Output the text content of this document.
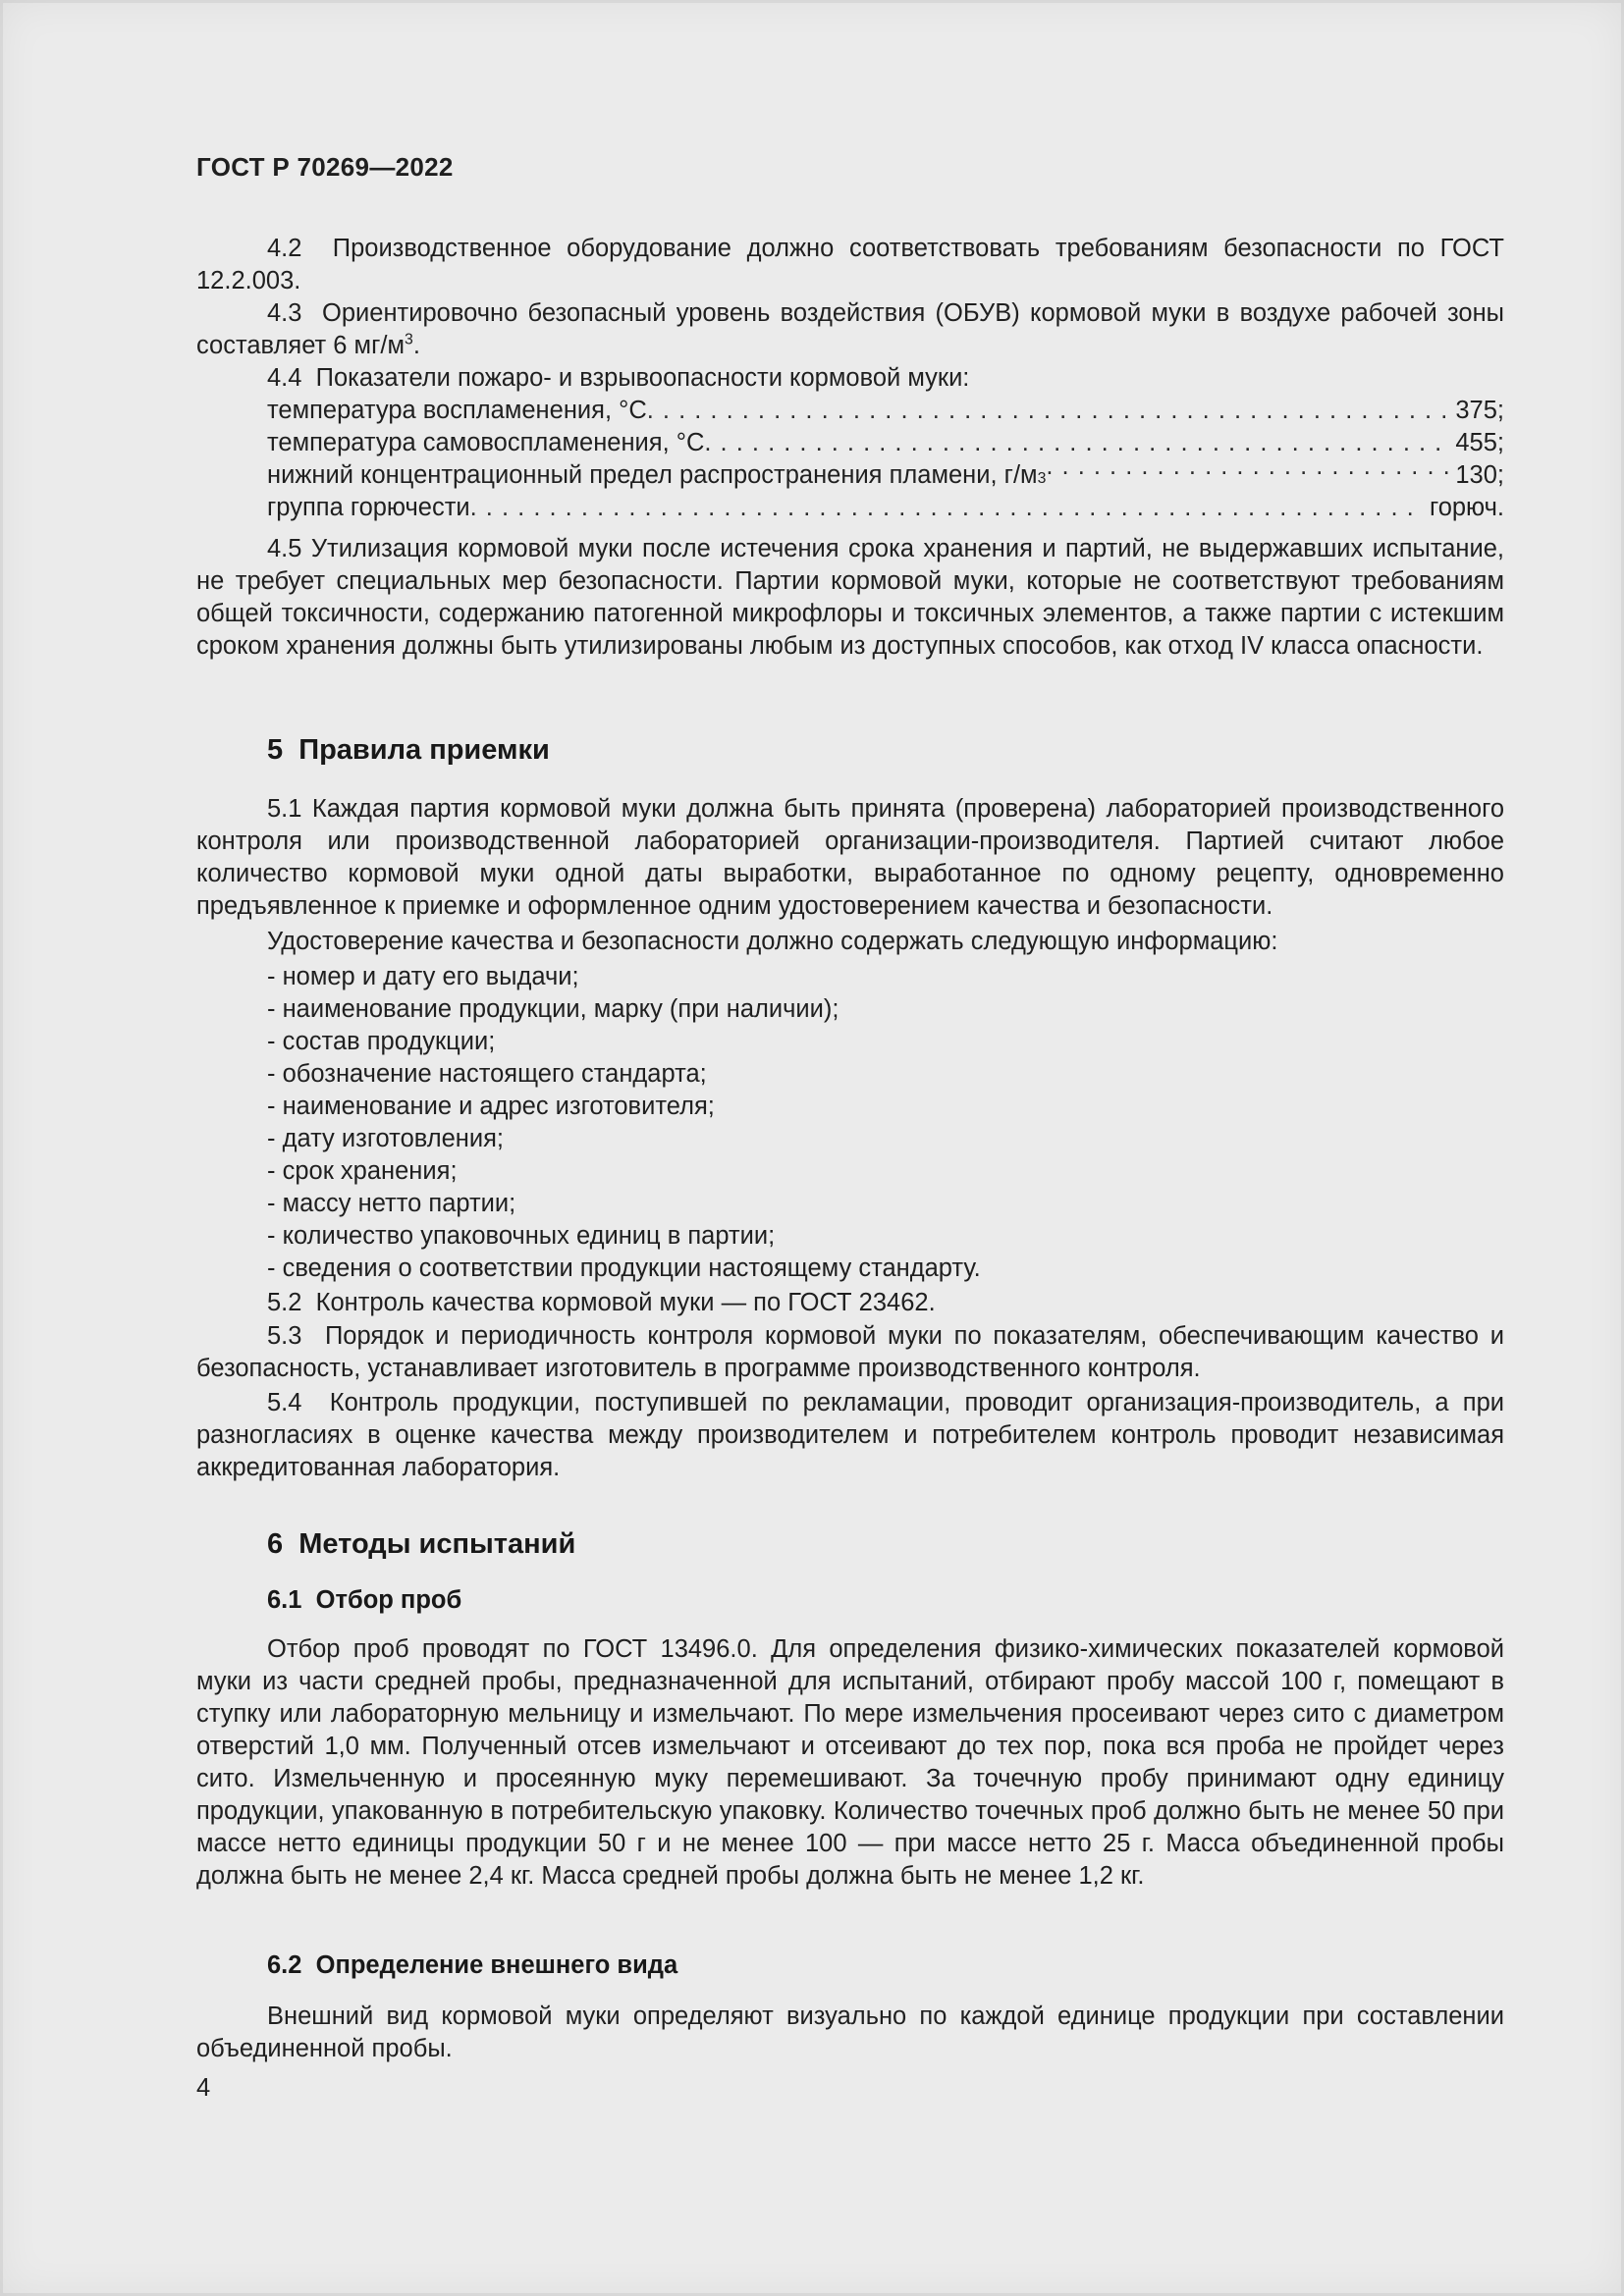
ГОСТ Р 70269—2022

4.2  Производственное оборудование должно соответствовать требованиям безопасности по ГОСТ 12.2.003.

4.3  Ориентировочно безопасный уровень воздействия (ОБУВ) кормовой муки в воздухе рабочей зоны составляет 6 $мг/м^3$.

4.4  Показатели пожаро- и взрывоопасности кормовой муки:

температура воспламенения, °С . . .	375;
температура самовоспламенения, °С . . .	455;
нижний концентрационный предел распространения пламени, г/м 3 . . .	130;
группа горючести . . .	горюч.

4.5 Утилизация кормовой муки после истечения срока хранения и партий, не выдержавших испытание, не требует специальных мер безопасности. Партии кормовой муки, которые не соответствуют требованиям общей токсичности, содержанию патогенной микрофлоры и токсичных элементов, а также партии с истекшим сроком хранения должны быть утилизированы любым из доступных способов, как отход IV класса опасности.

5  Правила приемки

5.1 Каждая партия кормовой муки должна быть принята (проверена) лабораторией производственного контроля или производственной лабораторией организации-производителя. Партией считают любое количество кормовой муки одной даты выработки, выработанное по одному рецепту, одновременно предъявленное к приемке и оформленное одним удостоверением качества и безопасности.

Удостоверение качества и безопасности должно содержать следующую информацию:

- номер и дату его выдачи;

- наименование продукции, марку (при наличии);

- состав продукции;

- обозначение настоящего стандарта;

- наименование и адрес изготовителя;

- дату изготовления;

- срок хранения;

- массу нетто партии;

- количество упаковочных единиц в партии;

- сведения о соответствии продукции настоящему стандарту.

5.2  Контроль качества кормовой муки — по ГОСТ 23462.

5.3  Порядок и периодичность контроля кормовой муки по показателям, обеспечивающим качество и безопасность, устанавливает изготовитель в программе производственного контроля.

5.4  Контроль продукции, поступившей по рекламации, проводит организация-производитель, а при разногласиях в оценке качества между производителем и потребителем контроль проводит независимая аккредитованная лаборатория.

6  Методы испытаний
6.1  Отбор проб

Отбор проб проводят по ГОСТ 13496.0. Для определения физико-химических показателей кормовой муки из части средней пробы, предназначенной для испытаний, отбирают пробу массой 100 г, помещают в ступку или лабораторную мельницу и измельчают. По мере измельчения просеивают через сито с диаметром отверстий 1,0 мм. Полученный отсев измельчают и отсеивают до тех пор, пока вся проба не пройдет через сито. Измельченную и просеянную муку перемешивают. За точечную пробу принимают одну единицу продукции, упакованную в потребительскую упаковку. Количество точечных проб должно быть не менее 50 при массе нетто единицы продукции 50 г и не менее 100 — при массе нетто 25 г. Масса объединенной пробы должна быть не менее 2,4 кг. Масса средней пробы должна быть не менее 1,2 кг.

6.2  Определение внешнего вида

Внешний вид кормовой муки определяют визуально по каждой единице продукции при составлении объединенной пробы.

4
